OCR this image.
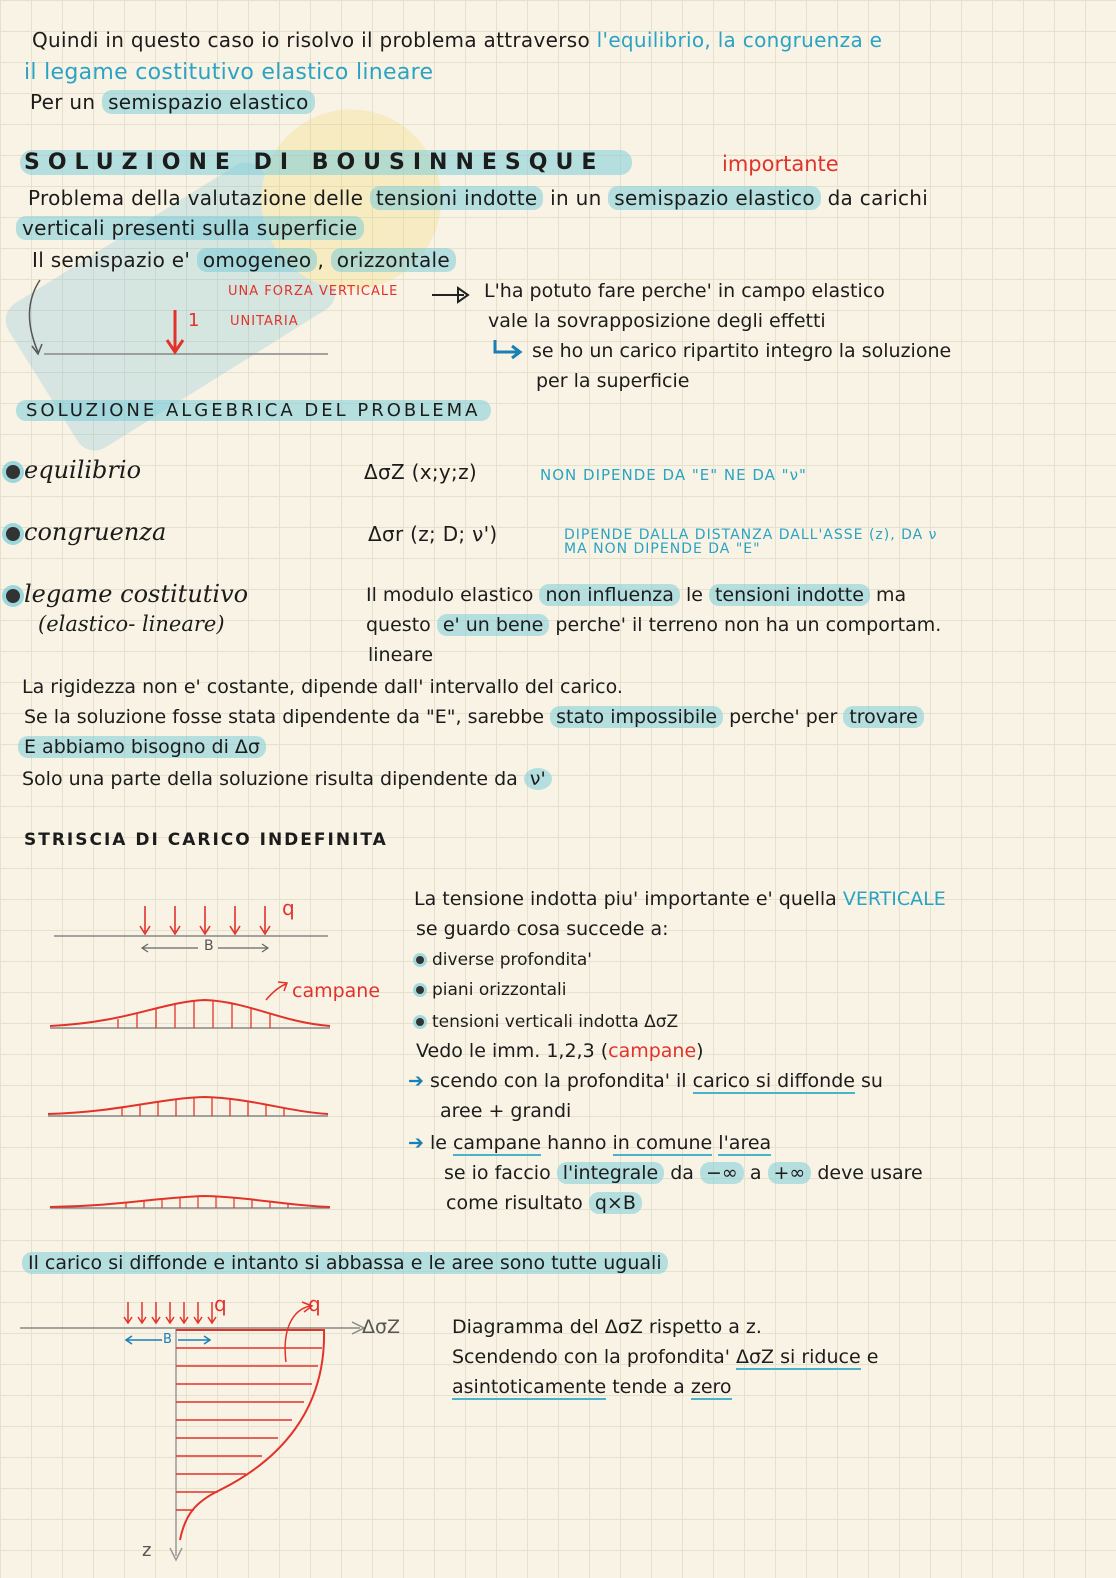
Quindi in questo caso io risolvo il problema attraverso l'equilibrio, la congruenza e
il legame costitutivo elastico lineare
Per un semispazio elastico
SOLUZIONE DI BOUSINNESQUE	importante
Problema della valutazione delle tensioni indotte in un semispazio elastico da carichi
verticali presenti sulla superficie
Il semispazio e' omogeneo , orizzontale
1
UNA FORZA VERTICALE
UNITARIA
L'ha potuto fare perche' in campo elastico
vale la sovrapposizione degli effetti
se ho un carico ripartito integro la soluzione
per la superficie
SOLUZIONE ALGEBRICA DEL PROBLEMA
equilibrio	ΔσZ (x;y;z)	NON DIPENDE DA "E" NE DA "ν"
congruenza	Δσr (z; D; ν')	DIPENDE DALLA DISTANZA DALL'ASSE (z), DA ν
MA NON DIPENDE DA "E"
legame costitutivo
(elastico- lineare)
Il modulo elastico non influenza le tensioni indotte ma
questo e' un bene perche' il terreno non ha un comportam.
lineare
La rigidezza non e' costante, dipende dall' intervallo del carico.
Se la soluzione fosse stata dipendente da "E", sarebbe stato impossibile perche' per trovare
E abbiamo bisogno di Δσ
Solo una parte della soluzione risulta dipendente da ν'
STRISCIA DI CARICO INDEFINITA
q
B
campane
La tensione indotta piu' importante e' quella VERTICALE
se guardo cosa succede a:
diverse profondita'
piani orizzontali
tensioni verticali indotta ΔσZ
Vedo le imm. 1,2,3 (campane)
➔ scendo con la profondita' il carico si diffonde su
aree + grandi
➔ le campane hanno in comune l'area
se io faccio l'integrale da −∞ a +∞ deve usare
come risultato q×B
Il carico si diffonde e intanto si abbassa e le aree sono tutte uguali
q	q
B
ΔσZ
z
Diagramma del ΔσZ rispetto a z.
Scendendo con la profondita' ΔσZ si riduce e
asintoticamente tende a zero
